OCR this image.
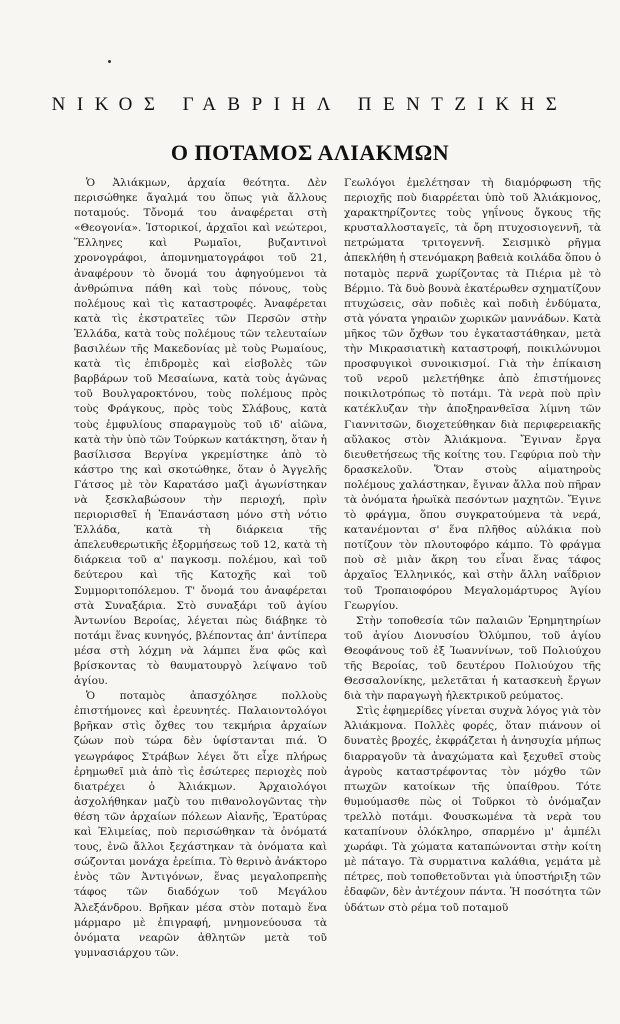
ΝΙΚΟΣ ΓΑΒΡΙΗΛ ΠΕΝΤΖΙΚΗΣ
Ο ΠΟΤΑΜΟΣ ΑΛΙΑΚΜΩΝ

Ὁ Ἀλιάκμων, ἀρχαία θεότητα. Δὲν περισώθηκε ἄγαλμά του ὅπως γιὰ ἄλλους ποταμούς. Τὄνομά του ἀναφέρεται στὴ «Θεογονία». Ἱστορικοί, ἀρχαῖοι καὶ νεώτεροι, Ἕλληνες καὶ Ρωμαῖοι, βυζαντινοὶ χρονογράφοι, ἀπομνηματογράφοι τοῦ 21, ἀναφέρουν τὸ ὄνομά του ἀφηγούμενοι τὰ ἀνθρώπινα πάθη καὶ τοὺς πόνους, τοὺς πολέμους καὶ τὶς καταστροφές. Ἀναφέρεται κατὰ τὶς ἐκστρατεῖες τῶν Περσῶν στὴν Ἑλλάδα, κατὰ τοὺς πολέμους τῶν τελευταίων βασιλέων τῆς Μακεδονίας μὲ τοὺς Ρωμαίους, κατὰ τὶς ἐπιδρομὲς καὶ εἰσβολὲς τῶν βαρβάρων τοῦ Μεσαίωνα, κατὰ τοὺς ἀγῶνας τοῦ Βουλγαροκτόνου, τοὺς πολέμους πρὸς τοὺς Φράγκους, πρὸς τοὺς Σλάβους, κατὰ τοὺς ἐμφυλίους σπαραγμοὺς τοῦ ιδ' αἰῶνα, κατὰ τὴν ὑπὸ τῶν Τούρκων κατάκτηση, ὅταν ἡ βασίλισσα Βεργίνα γκρεμίστηκε ἀπὸ τὸ κάστρο της καὶ σκοτώθηκε, ὅταν ὁ Ἀγγελῆς Γάτσος μὲ τὸν Καρατάσο μαζὶ ἀγωνίστηκαν νὰ ξεσκλαβώσουν τὴν περιοχή, πρὶν περιορισθεῖ ἡ Ἐπανάσταση μόνο στὴ νότιο Ἑλλάδα, κατὰ τὴ διάρκεια τῆς ἀπελευθερωτικῆς ἐξορμήσεως τοῦ 12, κατὰ τὴ διάρκεια τοῦ α' παγκοσμ. πολέμου, καὶ τοῦ δεύτερου καὶ τῆς Κατοχῆς καὶ τοῦ Συμμοριτοπόλεμου. Τ' ὄνομά του ἀναφέρεται στὰ Συναξάρια. Στὸ συναξάρι τοῦ ἁγίου Ἀντωνίου Βεροίας, λέγεται πὼς διάβηκε τὸ ποτάμι ἕνας κυνηγός, βλέποντας ἀπ' ἀντίπερα μέσα στὴ λόχμη νὰ λάμπει ἕνα φῶς καὶ βρίσκοντας τὸ θαυματουργὸ λείψανο τοῦ ἁγίου.

Ὁ ποταμὸς ἀπασχόλησε πολλοὺς ἐπιστήμονες καὶ ἐρευνητές. Παλαιοντολόγοι βρῆκαν στὶς ὄχθες του τεκμήρια ἀρχαίων ζώων ποὺ τώρα δὲν ὑφίστανται πιά. Ὁ γεωγράφος Στράβων λέγει ὅτι εἶχε πλήρως ἐρημωθεῖ μιὰ ἀπὸ τὶς ἐσώτερες περιοχὲς ποὺ διατρέχει ὁ Ἀλιάκμων. Ἀρχαιολόγοι ἀσχολήθηκαν μαζὺ του πιθανολογῶντας τὴν θέση τῶν ἀρχαίων πόλεων Αἰανῆς, Ἐρατύρας καὶ Ἐλιμείας, ποὺ περισώθηκαν τὰ ὀνόματά τους, ἐνῶ ἄλλοι ξεχάστηκαν τὰ ὀνόματα καὶ σώζονται μονάχα ἐρείπια. Τὸ θερινὸ ἀνάκτορο ἑνὸς τῶν Ἀντιγόνων, ἕνας μεγαλοπρεπὴς τάφος τῶν διαδόχων τοῦ Μεγάλου Ἀλεξάνδρου. Βρῆκαν μέσα στὸν ποταμὸ ἕνα μάρμαρο μὲ ἐπιγραφή, μνημονεύουσα τὰ ὀνόματα νεαρῶν ἀθλητῶν μετὰ τοῦ γυμνασιάρχου τῶν.

Γεωλόγοι ἐμελέτησαν τὴ διαμόρφωση τῆς περιοχῆς ποὺ διαρρέεται ὑπὸ τοῦ Ἀλιάκμονος, χαρακτηρίζοντες τοὺς γηΐνους ὄγκους τῆς κρυσταλλοσταγεῖς, τὰ ὄρη πτυχοσιογεννῆ, τὰ πετρώματα τριτογεννῆ. Σεισμικὸ ρῆγμα ἀπεκλήθη ἡ στενόμακρη βαθειὰ κοιλάδα ὅπου ὁ ποταμὸς περνᾶ χωρίζοντας τὰ Πιέρια μὲ τὸ Βέρμιο. Τὰ δυὸ βουνὰ ἑκατέρωθεν σχηματίζουν πτυχώσεις, σὰν ποδιὲς καὶ ποδιὴ ἐνδύματα, στὰ γόνατα γηραιῶν χωρικῶν μαννάδων. Κατὰ μῆκος τῶν ὄχθων του ἐγκαταστάθηκαν, μετὰ τὴν Μικρασιατικὴ καταστροφή, ποικιλώνυμοι προσφυγικοὶ συνοικισμοί. Γιὰ τὴν ἐπίκαιση τοῦ νεροῦ μελετήθηκε ἀπὸ ἐπιστήμονες ποικιλοτρόπως τὸ ποτάμι. Τὰ νερὰ ποὺ πρὶν κατέκλυζαν τὴν ἀποξηρανθεῖσα λίμνη τῶν Γιαννιτσῶν, διοχετεύθηκαν διὰ περιφερειακῆς αὔλακος στὸν Ἀλιάκμονα. Ἔγιναν ἔργα διευθετήσεως τῆς κοίτης του. Γεφύρια ποὺ τὴν δρασκελοῦν. Ὅταν στοὺς αἱματηροὺς πολέμους χαλάστηκαν, ἔγιναν ἄλλα ποὺ πῆραν τὰ ὀνόματα ἡρωϊκὰ πεσόντων μαχητῶν. Ἔγινε τὸ φράγμα, ὅπου συγκρατούμενα τὰ νερά, κατανέμονται σ' ἕνα πλῆθος αὐλάκια ποὺ ποτίζουν τὸν πλουτοφόρο κάμπο. Τὸ φράγμα ποὺ σὲ μιὰν ἄκρη του εἶναι ἕνας τάφος ἀρχαῖος Ἑλληνικός, καὶ στὴν ἄλλη ναΐδριον τοῦ Τροπαιοφόρου Μεγαλομάρτυρος Ἁγίου Γεωργίου.

Στὴν τοποθεσία τῶν παλαιῶν Ἐρημητηρίων τοῦ ἁγίου Διονυσίου Ὀλύμπου, τοῦ ἁγίου Θεοφάνους τοῦ ἐξ Ἰωαννίνων, τοῦ Πολιούχου τῆς Βεροίας, τοῦ δευτέρου Πολιούχου τῆς Θεσσαλονίκης, μελετᾶται ἡ κατασκευὴ ἔργων διὰ τὴν παραγωγὴ ἠλεκτρικοῦ ρεύματος.

Στὶς ἐφημερίδες γίνεται συχνὰ λόγος γιὰ τὸν Ἀλιάκμονα. Πολλὲς φορές, ὅταν πιάνουν οἱ δυνατὲς βροχές, ἐκφράζεται ἡ ἀνησυχία μήπως διαρραγοῦν τὰ ἀναχώματα καὶ ξεχυθεῖ στοὺς ἀγροὺς καταστρέφοντας τὸν μόχθο τῶν πτωχῶν κατοίκων τῆς ὑπαίθρου. Τότε θυμούμασθε πὼς οἱ Τοῦρκοι τὸ ὀνόμαζαν τρελλὸ ποτάμι. Φουσκωμένα τὰ νερὰ του καταπίνουν ὁλόκληρο, σπαρμένο μ' ἀμπέλι χωράφι. Τὰ χώματα καταπώνονται στὴν κοίτη μὲ πάταγο. Τὰ συρματινα καλάθια, γεμάτα μὲ πέτρες, ποὺ τοποθετοῦνται γιὰ ὑποστήριξη τῶν ἐδαφῶν, δὲν ἀντέχουν πάντα. Ἡ ποσότητα τῶν ὑδάτων στὸ ρέμα τοῦ ποταμοῦ
